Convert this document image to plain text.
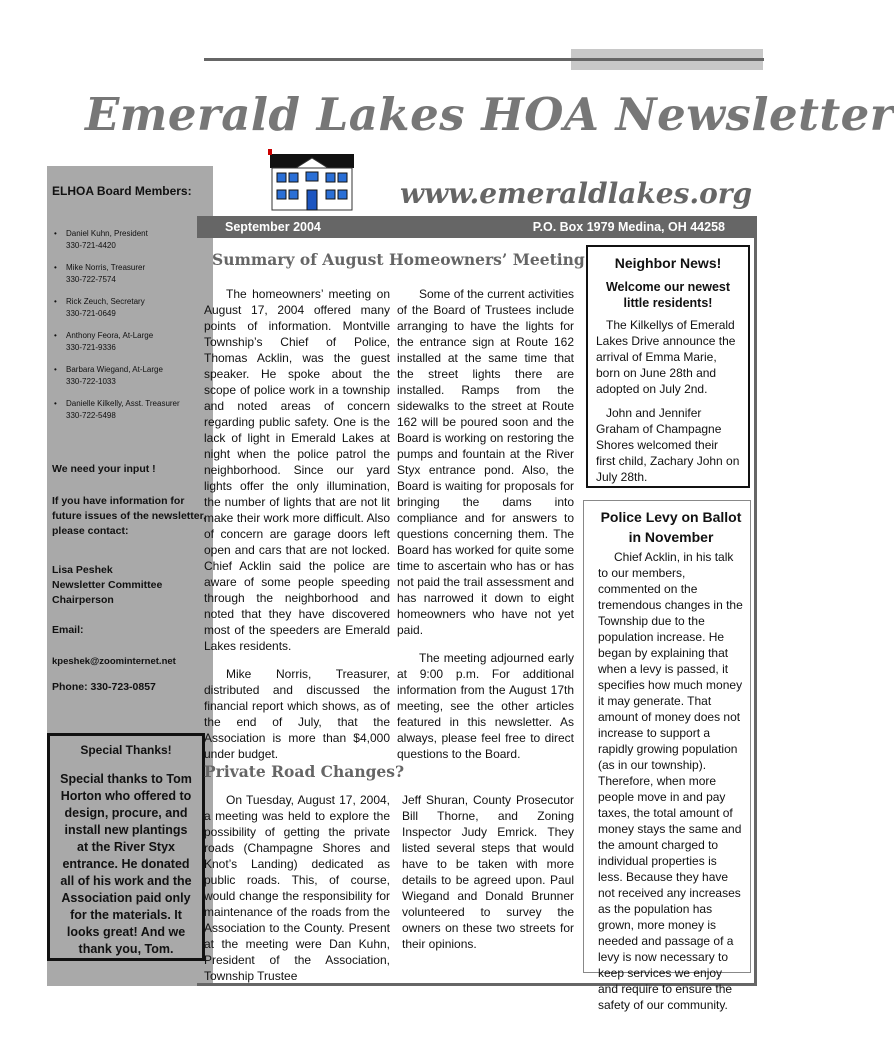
Emerald Lakes HOA Newsletter
www.emeraldlakes.org
ELHOA Board Members:
• Daniel Kuhn, President
330-721-4420
• Mike Norris, Treasurer
330-722-7574
• Rick Zeuch, Secretary
330-721-0649
• Anthony Feora, At-Large
330-721-9336
• Barbara Wiegand, At-Large
330-722-1033
• Danielle Kilkelly, Asst. Treasurer
330-722-5498
We need your input !
If you have information for future issues of the newsletter, please contact:
Lisa Peshek
Newsletter Committee Chairperson
Email:
kpeshek@zoominternet.net
Phone: 330-723-0857
Special Thanks!
Special thanks to Tom Horton who offered to design, procure, and install new plantings at the River Styx entrance. He donated all of his work and the Association paid only for the materials. It looks great! And we thank you, Tom.
September 2004	P.O. Box 1979 Medina, OH 44258
Summary of August Homeowners’ Meeting

The homeowners’ meeting on August 17, 2004 offered many points of information. Montville Township’s Chief of Police, Thomas Acklin, was the guest speaker. He spoke about the scope of police work in a township and noted areas of concern regarding public safety. One is the lack of light in Emerald Lakes at night when the police patrol the neighborhood. Since our yard lights offer the only illumination, the number of lights that are not lit make their work more difficult. Also of concern are garage doors left open and cars that are not locked. Chief Acklin said the police are aware of some people speeding through the neighborhood and noted that they have discovered most of the speeders are Emerald Lakes residents.

Mike Norris, Treasurer, distributed and discussed the financial report which shows, as of the end of July, that the Association is more than $4,000 under budget.

Some of the current activities of the Board of Trustees include arranging to have the lights for the entrance sign at Route 162 installed at the same time that the street lights there are installed. Ramps from the sidewalks to the street at Route 162 will be poured soon and the Board is working on restoring the pumps and fountain at the River Styx entrance pond. Also, the Board is waiting for proposals for bringing the dams into compliance and for answers to questions concerning them. The Board has worked for quite some time to ascertain who has or has not paid the trail assessment and has narrowed it down to eight homeowners who have not yet paid.

The meeting adjourned early at 9:00 p.m. For additional information from the August 17th meeting, see the other articles featured in this newsletter. As always, please feel free to direct questions to the Board.

Private Road Changes?

On Tuesday, August 17, 2004, a meeting was held to explore the possibility of getting the private roads (Champagne Shores and Knot’s Landing) dedicated as public roads. This, of course, would change the responsibility for maintenance of the roads from the Association to the County. Present at the meeting were Dan Kuhn, President of the Association, Township Trustee

Jeff Shuran, County Prosecutor Bill Thorne, and Zoning Inspector Judy Emrick. They listed several steps that would have to be taken with more details to be agreed upon. Paul Wiegand and Donald Brunner volunteered to survey the owners on these two streets for their opinions.

Neighbor News!
Welcome our newest little residents!

The Kilkellys of Emerald Lakes Drive announce the arrival of Emma Marie, born on June 28th and adopted on July 2nd.

John and Jennifer Graham of Champagne Shores welcomed their first child, Zachary John on July 28th.

Police Levy on Ballot in November

Chief Acklin, in his talk to our members, commented on the tremendous changes in the Township due to the population increase. He began by explaining that when a levy is passed, it specifies how much money it may generate. That amount of money does not increase to support a rapidly growing population (as in our township). Therefore, when more people move in and pay taxes, the total amount of money stays the same and the amount charged to individual properties is less. Because they have not received any increases as the population has grown, more money is needed and passage of a levy is now necessary to keep services we enjoy and require to ensure the safety of our community.
